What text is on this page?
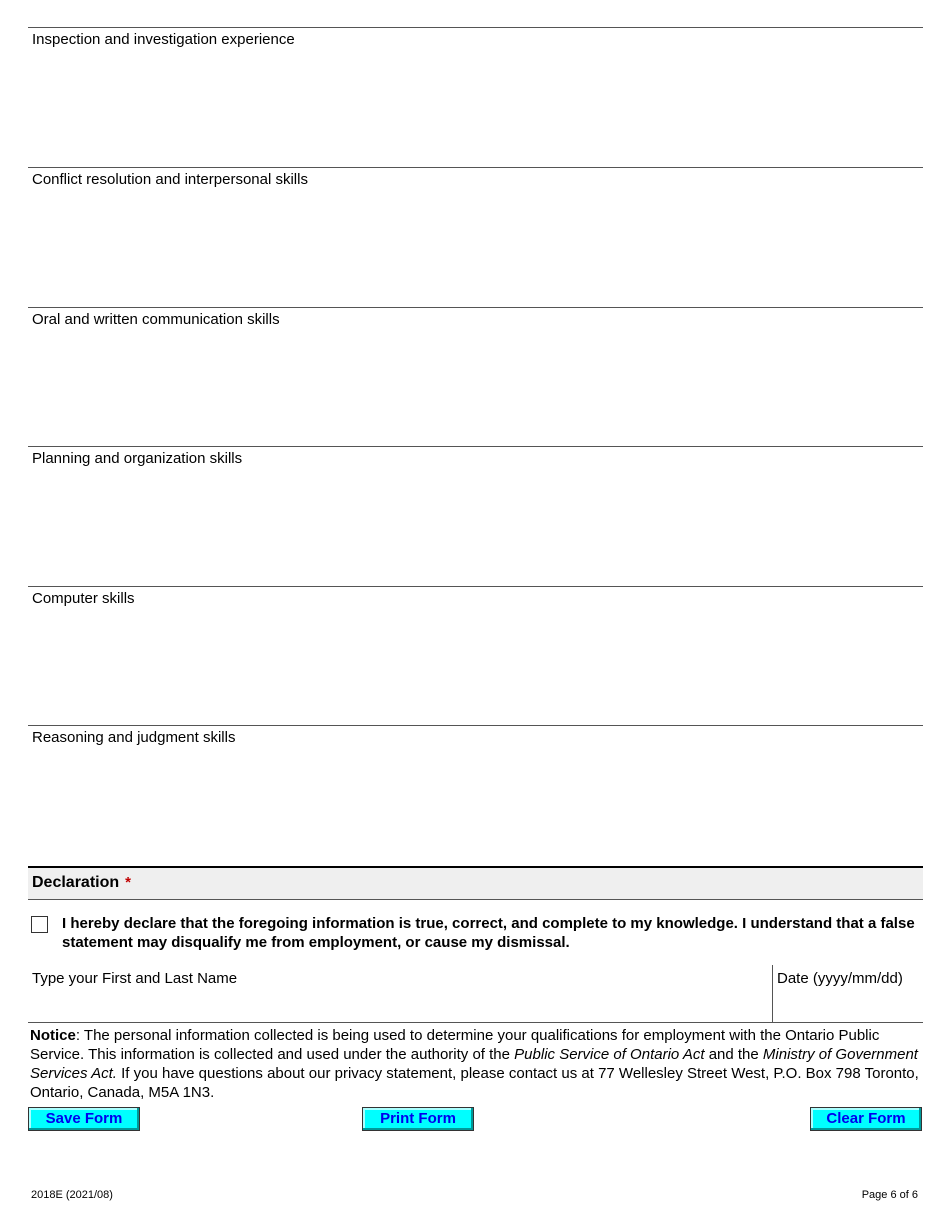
Inspection and investigation experience
Conflict resolution and interpersonal skills
Oral and written communication skills
Planning and organization skills
Computer skills
Reasoning and judgment skills
Declaration *
I hereby declare that the foregoing information is true, correct, and complete to my knowledge. I understand that a false statement may disqualify me from employment, or cause my dismissal.
Type your First and Last Name	Date (yyyy/mm/dd)
Notice: The personal information collected is being used to determine your qualifications for employment with the Ontario Public Service. This information is collected and used under the authority of the Public Service of Ontario Act and the Ministry of Government Services Act. If you have questions about our privacy statement, please contact us at 77 Wellesley Street West, P.O. Box 798 Toronto, Ontario, Canada, M5A 1N3.
Save Form	Print Form	Clear Form
2018E (2021/08)	Page 6 of 6
